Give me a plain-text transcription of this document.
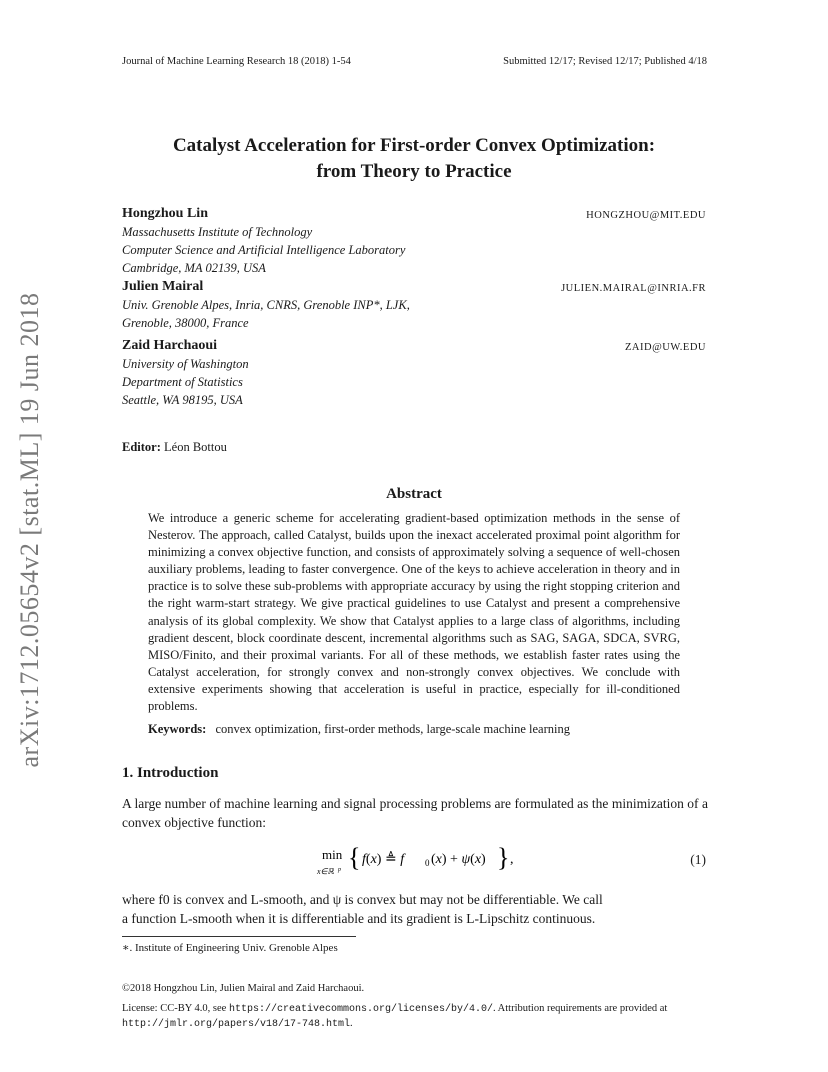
arXiv:1712.05654v2 [stat.ML] 19 Jun 2018
Journal of Machine Learning Research 18 (2018) 1-54	Submitted 12/17; Revised 12/17; Published 4/18
Catalyst Acceleration for First-order Convex Optimization:
from Theory to Practice
Hongzhou Lin
Massachusetts Institute of Technology
Computer Science and Artificial Intelligence Laboratory
Cambridge, MA 02139, USA
HONGZHOU@MIT.EDU
Julien Mairal
Univ. Grenoble Alpes, Inria, CNRS, Grenoble INP*, LJK,
Grenoble, 38000, France
JULIEN.MAIRAL@INRIA.FR
Zaid Harchaoui
University of Washington
Department of Statistics
Seattle, WA 98195, USA
ZAID@UW.EDU
Editor: Léon Bottou
Abstract
We introduce a generic scheme for accelerating gradient-based optimization methods in the sense of Nesterov. The approach, called Catalyst, builds upon the inexact accelerated proximal point algorithm for minimizing a convex objective function, and consists of approximately solving a sequence of well-chosen auxiliary problems, leading to faster convergence. One of the keys to achieve acceleration in theory and in practice is to solve these sub-problems with appropriate accuracy by using the right stopping criterion and the right warm-start strategy. We give practical guidelines to use Catalyst and present a comprehensive analysis of its global complexity. We show that Catalyst applies to a large class of algorithms, including gradient descent, block coordinate descent, incremental algorithms such as SAG, SAGA, SDCA, SVRG, MISO/Finito, and their proximal variants. For all of these methods, we establish faster rates using the Catalyst acceleration, for strongly convex and non-strongly convex objectives. We conclude with extensive experiments showing that acceleration is useful in practice, especially for ill-conditioned problems.
Keywords: convex optimization, first-order methods, large-scale machine learning
1. Introduction
A large number of machine learning and signal processing problems are formulated as the minimization of a convex objective function:
min
x∈ℝ p { f(x) ≜ f 0 (x) + ψ(x) } ,	(1)
where f0 is convex and L-smooth, and ψ is convex but may not be differentiable. We call
a function L-smooth when it is differentiable and its gradient is L-Lipschitz continuous.
∗. Institute of Engineering Univ. Grenoble Alpes
©2018 Hongzhou Lin, Julien Mairal and Zaid Harchaoui.
License: CC-BY 4.0, see https://creativecommons.org/licenses/by/4.0/. Attribution requirements are provided at http://jmlr.org/papers/v18/17-748.html.
